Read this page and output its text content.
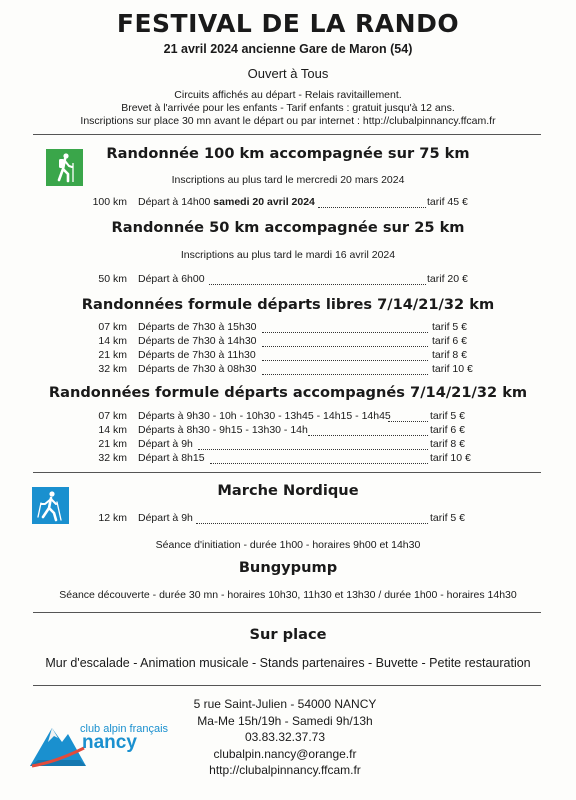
FESTIVAL DE LA RANDO
21 avril 2024 ancienne Gare de Maron (54)
Ouvert à Tous
Circuits affichés au départ - Relais ravitaillement.
Brevet à l'arrivée pour les enfants - Tarif enfants : gratuit jusqu'à 12 ans.
Inscriptions sur place 30 mn avant le départ ou par internet : http://clubalpinnancy.ffcam.fr
Randonnée 100 km accompagnée sur 75 km
Inscriptions au plus tard le mercredi 20 mars 2024
100 km Départ à 14h00 samedi 20 avril 2024	tarif 45 €
Randonnée 50 km accompagnée sur 25 km
Inscriptions au plus tard le mardi 16 avril 2024
50 km Départ à 6h00	tarif 20 €
Randonnées formule départs libres 7/14/21/32 km
07 km Départs de 7h30 à 15h30	tarif 5 €
14 km Départs de 7h30 à 14h30	tarif 6 €
21 km Départs de 7h30 à 11h30	tarif 8 €
32 km Départs de 7h30 à 08h30	tarif 10 €
Randonnées formule départs accompagnés 7/14/21/32 km
07 km Départs à 9h30 - 10h - 10h30 - 13h45 - 14h15 - 14h45	tarif 5 €
14 km Départs à 8h30 - 9h15 - 13h30 - 14h	tarif 6 €
21 km Départ à 9h	tarif 8 €
32 km Départ à 8h15	tarif 10 €
Marche Nordique
12 km Départ à 9h	tarif 5 €
Séance d'initiation - durée 1h00 - horaires 9h00 et 14h30
Bungypump
Séance découverte - durée 30 mn - horaires 10h30, 11h30 et 13h30 / durée 1h00 - horaires 14h30
Sur place
Mur d'escalade - Animation musicale - Stands partenaires - Buvette - Petite restauration
club alpin français
nancy
5 rue Saint-Julien - 54000 NANCY
Ma-Me 15h/19h - Samedi 9h/13h
03.83.32.37.73
clubalpin.nancy@orange.fr
http://clubalpinnancy.ffcam.fr
